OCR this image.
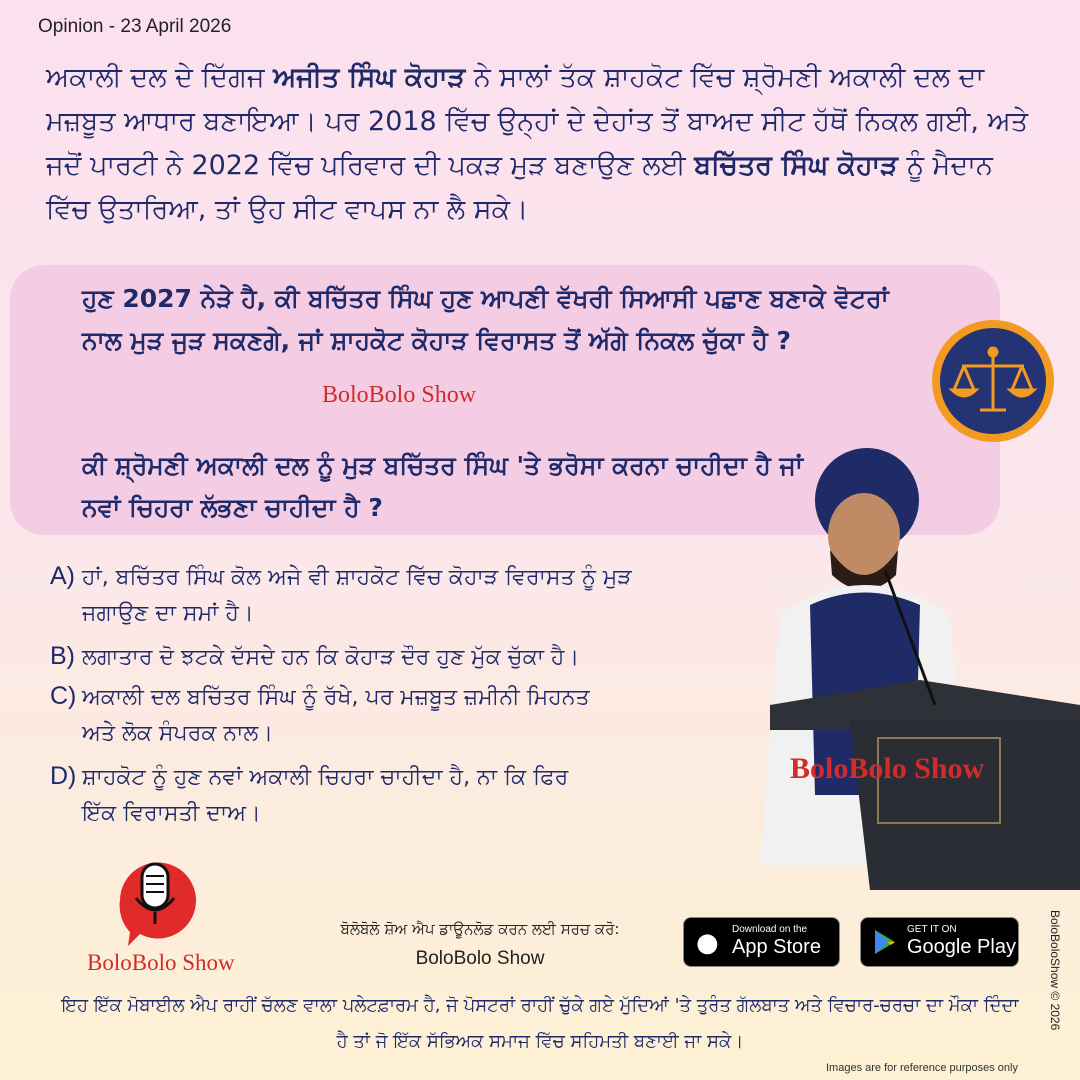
Opinion - 23 April 2026
ਅਕਾਲੀ ਦਲ ਦੇ ਦਿੱਗਜ ਅਜੀਤ ਸਿੰਘ ਕੋਹਾੜ ਨੇ ਸਾਲਾਂ ਤੱਕ ਸ਼ਾਹਕੋਟ ਵਿੱਚ ਸ਼੍ਰੋਮਣੀ ਅਕਾਲੀ ਦਲ ਦਾ ਮਜ਼ਬੂਤ ਆਧਾਰ ਬਣਾਇਆ। ਪਰ 2018 ਵਿੱਚ ਉਨ੍ਹਾਂ ਦੇ ਦੇਹਾਂਤ ਤੋਂ ਬਾਅਦ ਸੀਟ ਹੱਥੋਂ ਨਿਕਲ ਗਈ, ਅਤੇ ਜਦੋਂ ਪਾਰਟੀ ਨੇ 2022 ਵਿੱਚ ਪਰਿਵਾਰ ਦੀ ਪਕੜ ਮੁੜ ਬਣਾਉਣ ਲਈ ਬਚਿੱਤਰ ਸਿੰਘ ਕੋਹਾੜ ਨੂੰ ਮੈਦਾਨ ਵਿੱਚ ਉਤਾਰਿਆ, ਤਾਂ ਉਹ ਸੀਟ ਵਾਪਸ ਨਾ ਲੈ ਸਕੇ।
ਹੁਣ 2027 ਨੇੜੇ ਹੈ, ਕੀ ਬਚਿੱਤਰ ਸਿੰਘ ਹੁਣ ਆਪਣੀ ਵੱਖਰੀ ਸਿਆਸੀ ਪਛਾਣ ਬਣਾਕੇ ਵੋਟਰਾਂ ਨਾਲ ਮੁੜ ਜੁੜ ਸਕਣਗੇ, ਜਾਂ ਸ਼ਾਹਕੋਟ ਕੋਹਾੜ ਵਿਰਾਸਤ ਤੋਂ ਅੱਗੇ ਨਿਕਲ ਚੁੱਕਾ ਹੈ ?
BoloBolo Show
ਕੀ ਸ਼੍ਰੋਮਣੀ ਅਕਾਲੀ ਦਲ ਨੂੰ ਮੁੜ ਬਚਿੱਤਰ ਸਿੰਘ 'ਤੇ ਭਰੋਸਾ ਕਰਨਾ ਚਾਹੀਦਾ ਹੈ ਜਾਂ ਨਵਾਂ ਚਿਹਰਾ ਲੱਭਣਾ ਚਾਹੀਦਾ ਹੈ ?
BoloBolo Show
A) ਹਾਂ, ਬਚਿੱਤਰ ਸਿੰਘ ਕੋਲ ਅਜੇ ਵੀ ਸ਼ਾਹਕੋਟ ਵਿੱਚ ਕੋਹਾੜ ਵਿਰਾਸਤ ਨੂੰ ਮੁੜ
ਜਗਾਉਣ ਦਾ ਸਮਾਂ ਹੈ।
B) ਲਗਾਤਾਰ ਦੋ ਝਟਕੇ ਦੱਸਦੇ ਹਨ ਕਿ ਕੋਹਾੜ ਦੌਰ ਹੁਣ ਮੁੱਕ ਚੁੱਕਾ ਹੈ।
C) ਅਕਾਲੀ ਦਲ ਬਚਿੱਤਰ ਸਿੰਘ ਨੂੰ ਰੱਖੇ, ਪਰ ਮਜ਼ਬੂਤ ਜ਼ਮੀਨੀ ਮਿਹਨਤ
ਅਤੇ ਲੋਕ ਸੰਪਰਕ ਨਾਲ।
D) ਸ਼ਾਹਕੋਟ ਨੂੰ ਹੁਣ ਨਵਾਂ ਅਕਾਲੀ ਚਿਹਰਾ ਚਾਹੀਦਾ ਹੈ, ਨਾ ਕਿ ਫਿਰ
ਇੱਕ ਵਿਰਾਸਤੀ ਦਾਅ।
BoloBolo Show
ਬੋਲੋਬੋਲੋ ਸ਼ੋਅ ਐਪ ਡਾਊਨਲੋਡ ਕਰਨ ਲਈ ਸਰਚ ਕਰੋ:
BoloBolo Show
● Download on the
App Store
GET IT ON
Google Play
ਇਹ ਇੱਕ ਮੋਬਾਈਲ ਐਪ ਰਾਹੀਂ ਚੱਲਣ ਵਾਲਾ ਪਲੇਟਫ਼ਾਰਮ ਹੈ, ਜੋ ਪੋਸਟਰਾਂ ਰਾਹੀਂ ਚੁੱਕੇ ਗਏ ਮੁੱਦਿਆਂ 'ਤੇ ਤੁਰੰਤ ਗੱਲਬਾਤ ਅਤੇ ਵਿਚਾਰ-ਚਰਚਾ ਦਾ ਮੌਕਾ ਦਿੰਦਾ ਹੈ ਤਾਂ ਜੋ ਇੱਕ ਸੱਭਿਅਕ ਸਮਾਜ ਵਿੱਚ ਸਹਿਮਤੀ ਬਣਾਈ ਜਾ ਸਕੇ।
BoloBoloShow © 2026
Images are for reference purposes only
